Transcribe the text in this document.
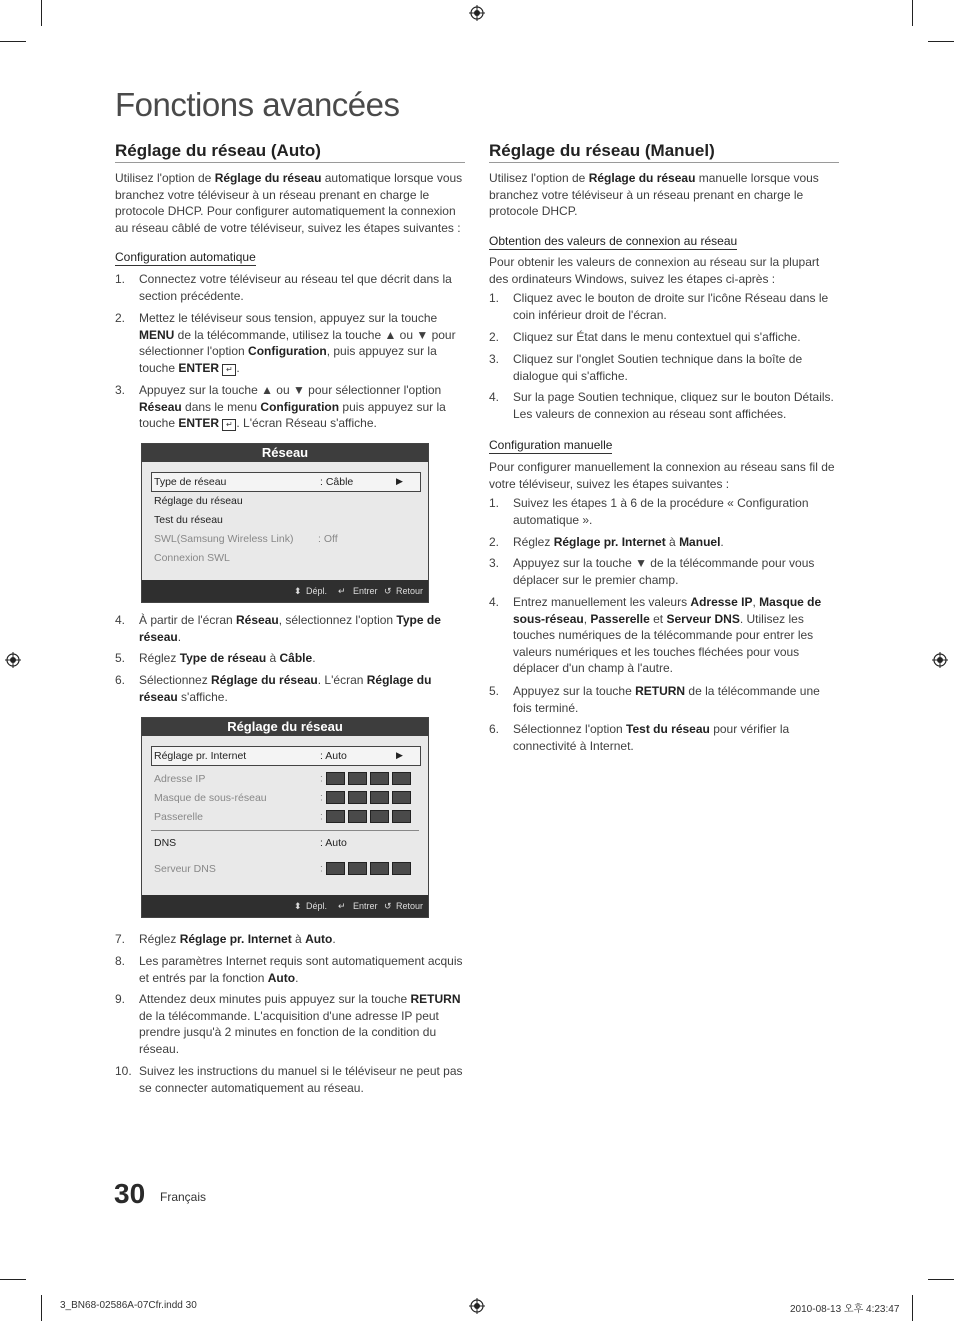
Fonctions avancées
Réglage du réseau (Auto)
Utilisez l'option de Réglage du réseau automatique lorsque vous branchez votre téléviseur à un réseau prenant en charge le protocole DHCP. Pour configurer automatiquement la connexion au réseau câblé de votre téléviseur, suivez les étapes suivantes :
Configuration automatique
1. Connectez votre téléviseur au réseau tel que décrit dans la section précédente.
2. Mettez le téléviseur sous tension, appuyez sur la touche MENU de la télécommande, utilisez la touche ▲ ou ▼ pour sélectionner l'option Configuration, puis appuyez sur la touche ENTER ↵ .
3. Appuyez sur la touche ▲ ou ▼ pour sélectionner l'option Réseau dans le menu Configuration puis appuyez sur la touche ENTER ↵ . L'écran Réseau s'affiche.
Réseau
Type de réseau	: Câble	▶
Réglage du réseau
Test du réseau
SWL(Samsung Wireless Link) : Off
Connexion SWL
⬍ Dépl. ↵ Entrer ↺ Retour
4. À partir de l'écran Réseau, sélectionnez l'option Type de réseau.
5. Réglez Type de réseau à Câble.
6. Sélectionnez Réglage du réseau. L'écran Réglage du réseau s'affiche.
Réglage du réseau
Réglage pr. Internet	: Auto	▶
Adresse IP	:
Masque de sous-réseau	:
Passerelle	:
DNS	: Auto
Serveur DNS	:
⬍ Dépl. ↵ Entrer ↺ Retour
7. Réglez Réglage pr. Internet à Auto.
8. Les paramètres Internet requis sont automatiquement acquis et entrés par la fonction Auto.
9. Attendez deux minutes puis appuyez sur la touche RETURN de la télécommande. L'acquisition d'une adresse IP peut prendre jusqu'à 2 minutes en fonction de la condition du réseau.
10. Suivez les instructions du manuel si le téléviseur ne peut pas se connecter automatiquement au réseau.
Réglage du réseau (Manuel)
Utilisez l'option de Réglage du réseau manuelle lorsque vous branchez votre téléviseur à un réseau prenant en charge le protocole DHCP.
Obtention des valeurs de connexion au réseau
Pour obtenir les valeurs de connexion au réseau sur la plupart des ordinateurs Windows, suivez les étapes ci-après :
1. Cliquez avec le bouton de droite sur l'icône Réseau dans le coin inférieur droit de l'écran.
2. Cliquez sur État dans le menu contextuel qui s'affiche.
3. Cliquez sur l'onglet Soutien technique dans la boîte de dialogue qui s'affiche.
4. Sur la page Soutien technique, cliquez sur le bouton Détails. Les valeurs de connexion au réseau sont affichées.
Configuration manuelle
Pour configurer manuellement la connexion au réseau sans fil de votre téléviseur, suivez les étapes suivantes :
1. Suivez les étapes 1 à 6 de la procédure « Configuration automatique ».
2. Réglez Réglage pr. Internet à Manuel.
3. Appuyez sur la touche ▼ de la télécommande pour vous déplacer sur le premier champ.
4. Entrez manuellement les valeurs Adresse IP, Masque de sous-réseau, Passerelle et Serveur DNS. Utilisez les touches numériques de la télécommande pour entrer les valeurs numériques et les touches fléchées pour vous déplacer d'un champ à l'autre.
5. Appuyez sur la touche RETURN de la télécommande une fois terminé.
6. Sélectionnez l'option Test du réseau pour vérifier la connectivité à Internet.
30 Français
3_BN68-02586A-07Cfr.indd 30	2010-08-13 오후 4:23:47
